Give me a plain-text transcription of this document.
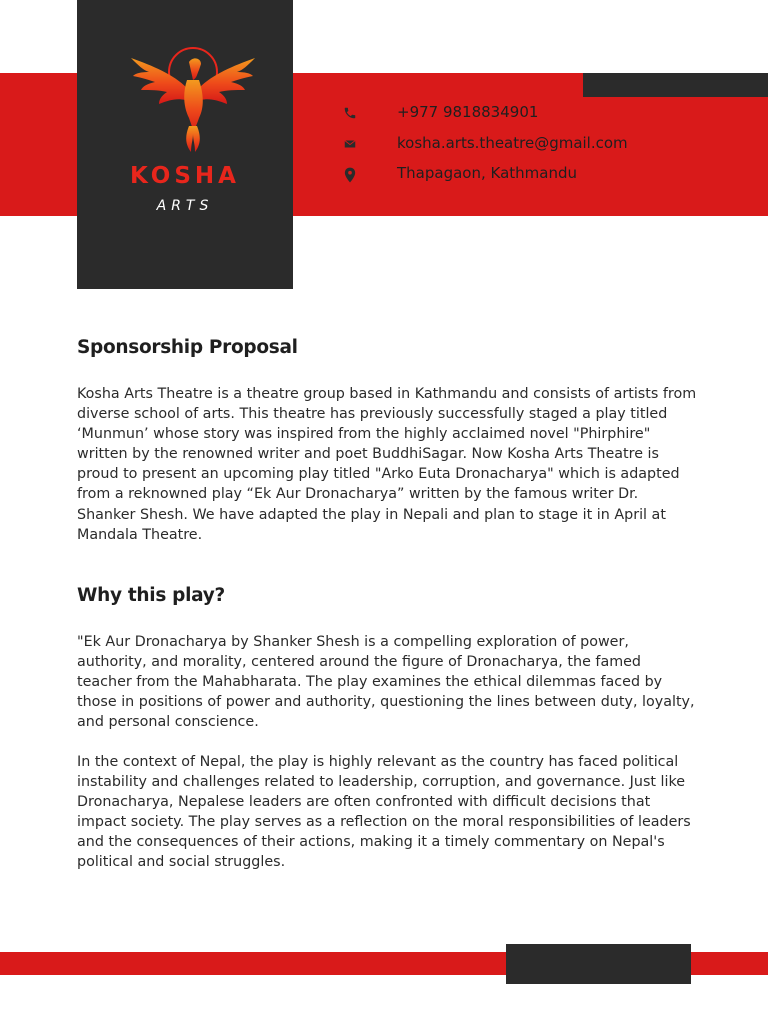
KOSHA
ARTS
+977 9818834901
kosha.arts.theatre@gmail.com
Thapagaon, Kathmandu
Sponsorship Proposal
Kosha Arts Theatre is a theatre group based in Kathmandu and consists of artists from diverse school of arts. This theatre has previously successfully staged a play titled ‘Munmun’ whose story was inspired from the highly acclaimed novel "Phirphire" written by the renowned writer and poet BuddhiSagar. Now Kosha Arts Theatre is proud to present an upcoming play titled "Arko Euta Dronacharya" which is adapted from a reknowned play “Ek Aur Dronacharya” written by the famous writer Dr. Shanker Shesh. We have adapted the play in Nepali and plan to stage it in April at Mandala Theatre.
Why this play?
"Ek Aur Dronacharya by Shanker Shesh is a compelling exploration of power, authority, and morality, centered around the figure of Dronacharya, the famed teacher from the Mahabharata. The play examines the ethical dilemmas faced by those in positions of power and authority, questioning the lines between duty, loyalty, and personal conscience.
In the context of Nepal, the play is highly relevant as the country has faced political instability and challenges related to leadership, corruption, and governance. Just like Dronacharya, Nepalese leaders are often confronted with difficult decisions that impact society. The play serves as a reflection on the moral responsibilities of leaders and the consequences of their actions, making it a timely commentary on Nepal's political and social struggles.
